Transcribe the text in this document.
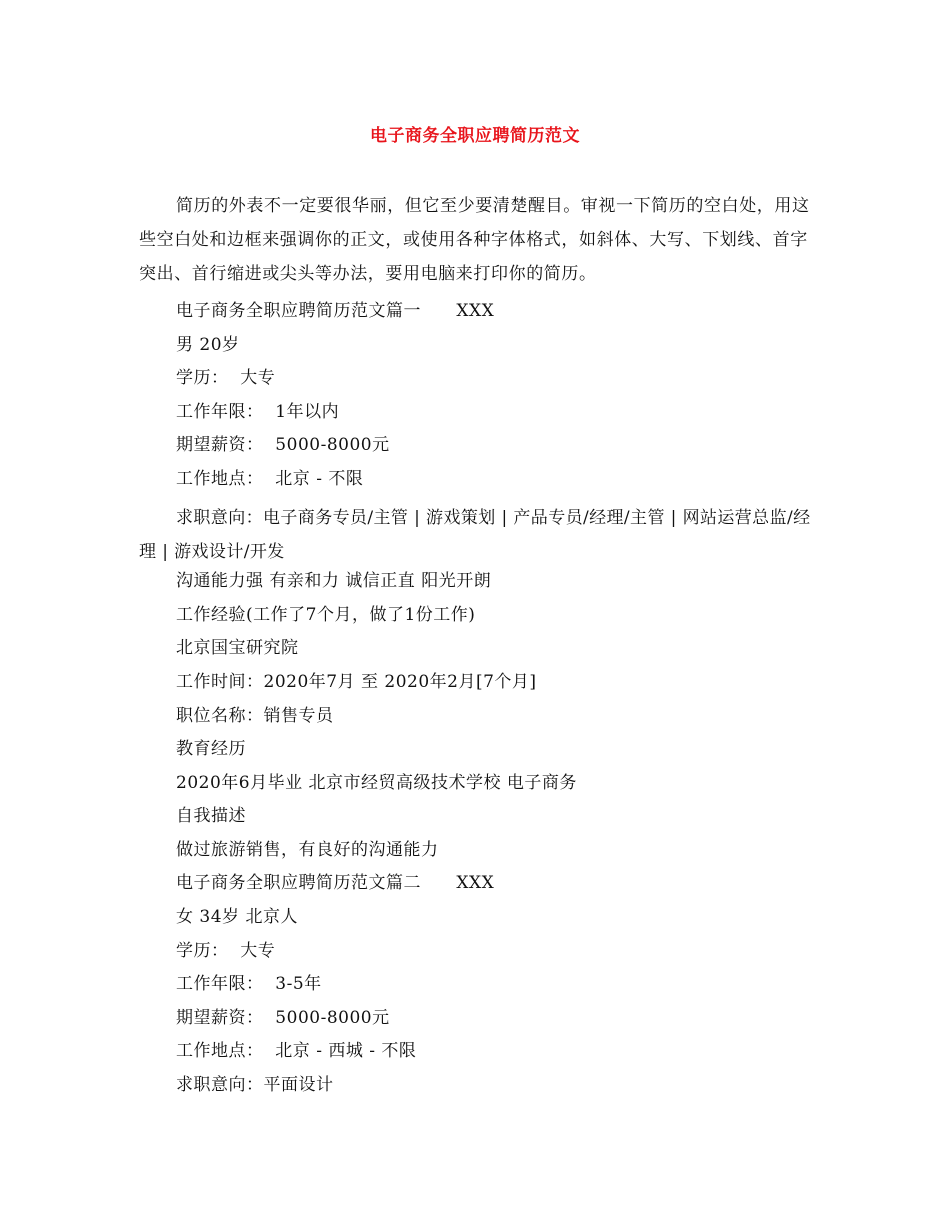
电子商务全职应聘简历范文

简历的外表不一定要很华丽，但它至少要清楚醒目。审视一下简历的空白处，用这些空白处和边框来强调你的正文，或使用各种字体格式，如斜体、大写、下划线、首字突出、首行缩进或尖头等办法，要用电脑来打印你的简历。

电子商务全职应聘简历范文篇一      XXX

男 20岁

学历：  大专

工作年限：  1年以内

期望薪资：  5000-8000元

工作地点：  北京 - 不限

求职意向：电子商务专员/主管 | 游戏策划 | 产品专员/经理/主管 | 网站运营总监/经理 | 游戏设计/开发

沟通能力强 有亲和力 诚信正直 阳光开朗

工作经验(工作了7个月，做了1份工作)

北京国宝研究院

工作时间：2020年7月 至 2020年2月[7个月]

职位名称：销售专员

教育经历

2020年6月毕业 北京市经贸高级技术学校 电子商务

自我描述

做过旅游销售，有良好的沟通能力

电子商务全职应聘简历范文篇二      XXX

女 34岁 北京人

学历：  大专

工作年限：  3-5年

期望薪资：  5000-8000元

工作地点：  北京 - 西城 - 不限

求职意向：平面设计
